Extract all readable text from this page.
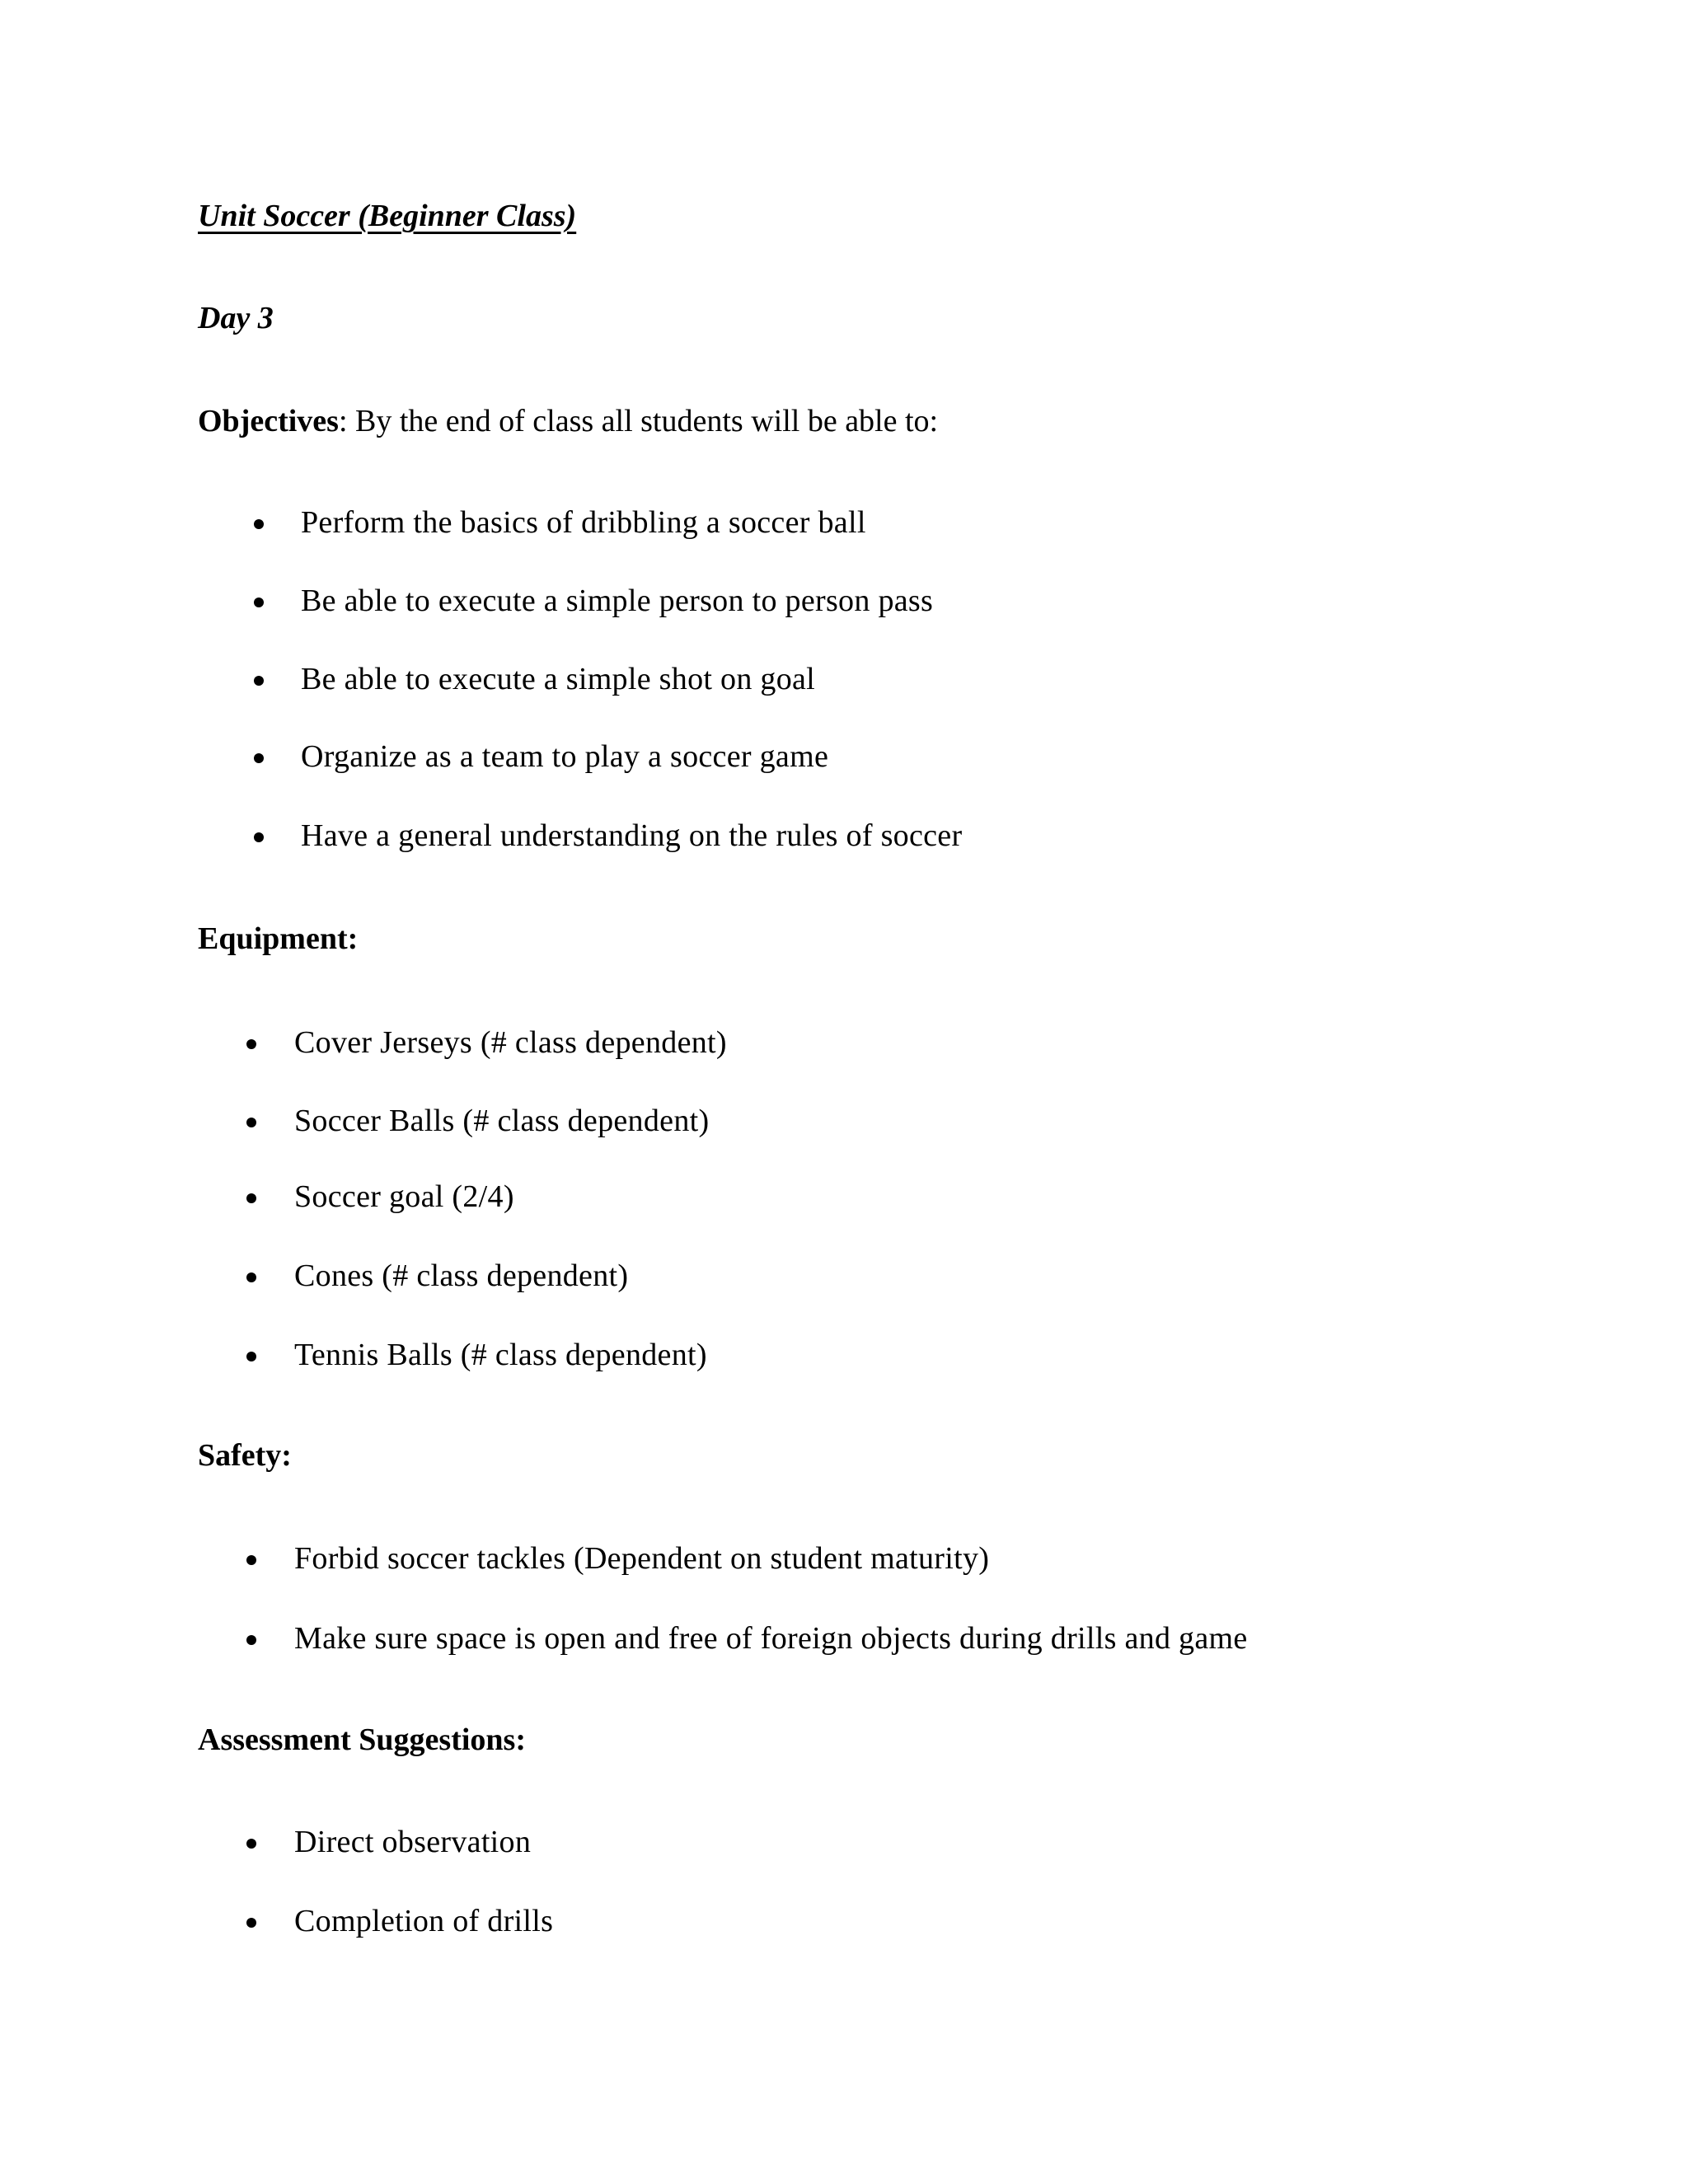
Unit Soccer (Beginner Class)
Day 3
Objectives: By the end of class all students will be able to:
Perform the basics of dribbling a soccer ball
Be able to execute a simple person to person pass
Be able to execute a simple shot on goal
Organize as a team to play a soccer game
Have a general understanding on the rules of soccer
Equipment:
Cover Jerseys (# class dependent)
Soccer Balls (# class dependent)
Soccer goal (2/4)
Cones (# class dependent)
Tennis Balls (# class dependent)
Safety:
Forbid soccer tackles (Dependent on student maturity)
Make sure space is open and free of foreign objects during drills and game
Assessment Suggestions:
Direct observation
Completion of drills
